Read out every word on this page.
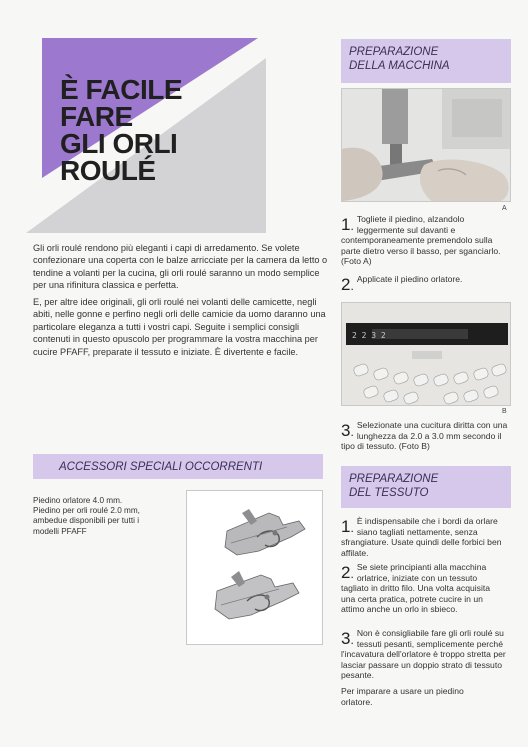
È FACILE
FARE
GLI ORLI
ROULÉ

Gli orli roulé rendono più eleganti i capi di arredamento. Se volete confezionare una coperta con le balze arricciate per la camera da letto o tendine a volanti per la cucina, gli orli roulé saranno un modo semplice per una rifinitura classica e perfetta.

E, per altre idee originali, gli orli roulé nei volanti delle camicette, negli abiti, nelle gonne e perfino negli orli delle camicie da uomo daranno una particolare eleganza a tutti i vostri capi. Seguite i semplici consigli contenuti in questo opuscolo per programmare la vostra macchina per cucire PFAFF, preparate il tessuto e iniziate. È divertente e facile.

ACCESSORI SPECIALI OCCORRENTI
Piedino orlatore 4.0 mm.
Piedino per orli roulé 2.0 mm,
ambedue disponibili per tutti i
modelli PFAFF
PREPARAZIONE
DELLA MACCHINA
A
1 . Togliete il piedino, alzandolo leggermente sul davanti e contemporaneamente premendolo sulla parte dietro verso il basso, per sganciarlo. (Foto A)
2 . Applicate il piedino orlatore.
2 2 3 2
B
3 . Selezionate una cucitura diritta con una lunghezza da 2.0 a 3.0 mm secondo il tipo di tessuto. (Foto B)
PREPARAZIONE
DEL TESSUTO
1 . È indispensabile che i bordi da orlare siano tagliati nettamente, senza sfrangiature. Usate quindi delle forbici ben affilate.
2 . Se siete principianti alla macchina orlatrice, iniziate con un tessuto tagliato in dritto filo. Una volta acquisita una certa pratica, potrete cucire in un attimo anche un orlo in sbieco.
3 . Non è consigliabile fare gli orli roulé su tessuti pesanti, semplicemente perché l'incavatura dell'orlatore è troppo stretta per lasciar passare un doppio strato di tessuto pesante.
Per imparare a usare un piedino orlatore.
